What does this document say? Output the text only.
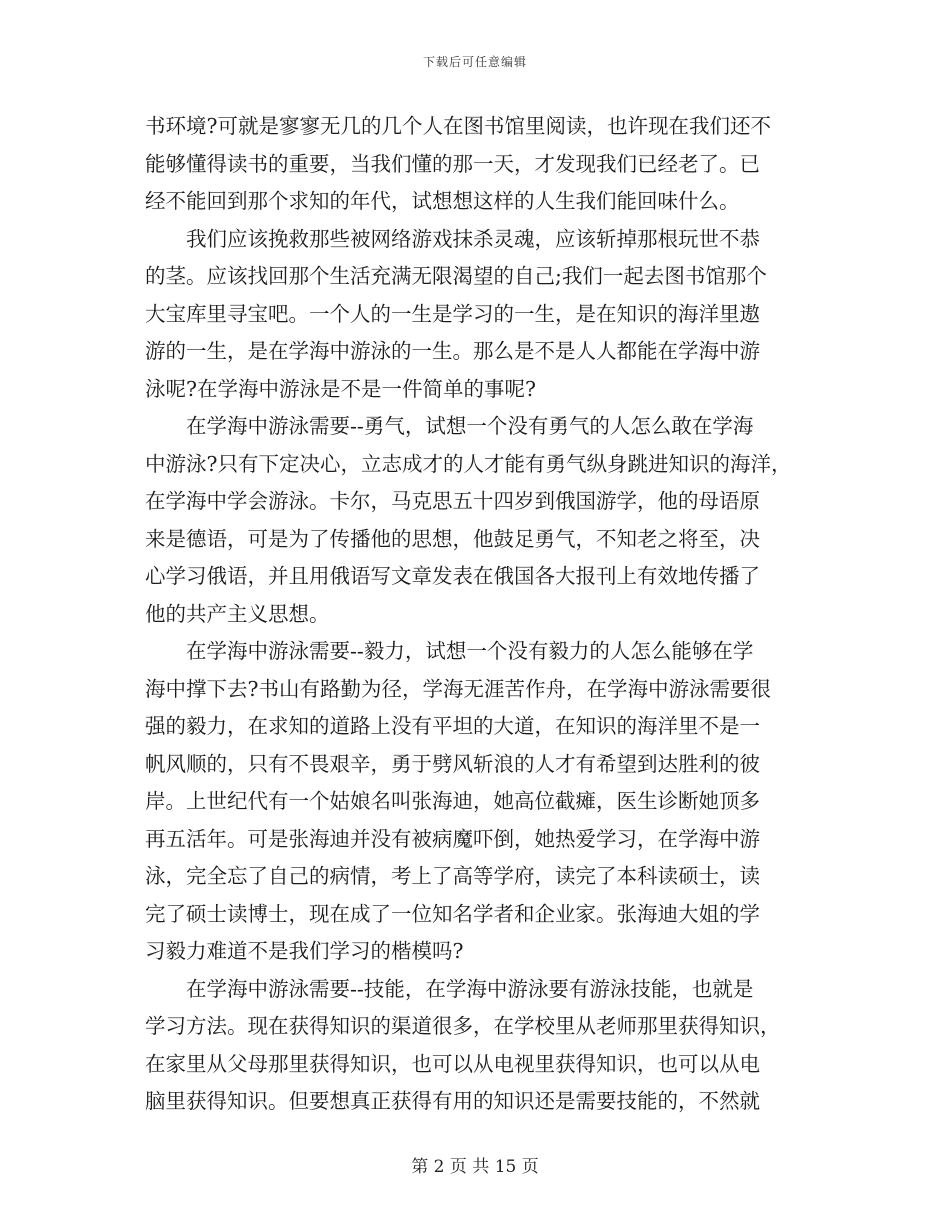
下载后可任意编辑
书环境?可就是寥寥无几的几个人在图书馆里阅读，也许现在我们还不
能够懂得读书的重要，当我们懂的那一天，才发现我们已经老了。已
经不能回到那个求知的年代，试想想这样的人生我们能回味什么。
　　我们应该挽救那些被网络游戏抹杀灵魂，应该斩掉那根玩世不恭
的茎。应该找回那个生活充满无限渴望的自己;我们一起去图书馆那个
大宝库里寻宝吧。一个人的一生是学习的一生，是在知识的海洋里遨
游的一生，是在学海中游泳的一生。那么是不是人人都能在学海中游
泳呢?在学海中游泳是不是一件简单的事呢?
　　在学海中游泳需要--勇气，试想一个没有勇气的人怎么敢在学海
中游泳?只有下定决心，立志成才的人才能有勇气纵身跳进知识的海洋，
在学海中学会游泳。卡尔，马克思五十四岁到俄国游学，他的母语原
来是德语，可是为了传播他的思想，他鼓足勇气，不知老之将至，决
心学习俄语，并且用俄语写文章发表在俄国各大报刊上有效地传播了
他的共产主义思想。
　　在学海中游泳需要--毅力，试想一个没有毅力的人怎么能够在学
海中撑下去?书山有路勤为径，学海无涯苦作舟，在学海中游泳需要很
强的毅力，在求知的道路上没有平坦的大道，在知识的海洋里不是一
帆风顺的，只有不畏艰辛，勇于劈风斩浪的人才有希望到达胜利的彼
岸。上世纪代有一个姑娘名叫张海迪，她高位截瘫，医生诊断她顶多
再五活年。可是张海迪并没有被病魔吓倒，她热爱学习，在学海中游
泳，完全忘了自己的病情，考上了高等学府，读完了本科读硕士，读
完了硕士读博士，现在成了一位知名学者和企业家。张海迪大姐的学
习毅力难道不是我们学习的楷模吗?
　　在学海中游泳需要--技能，在学海中游泳要有游泳技能，也就是
学习方法。现在获得知识的渠道很多，在学校里从老师那里获得知识，
在家里从父母那里获得知识，也可以从电视里获得知识，也可以从电
脑里获得知识。但要想真正获得有用的知识还是需要技能的，不然就
第 2 页 共 15 页
